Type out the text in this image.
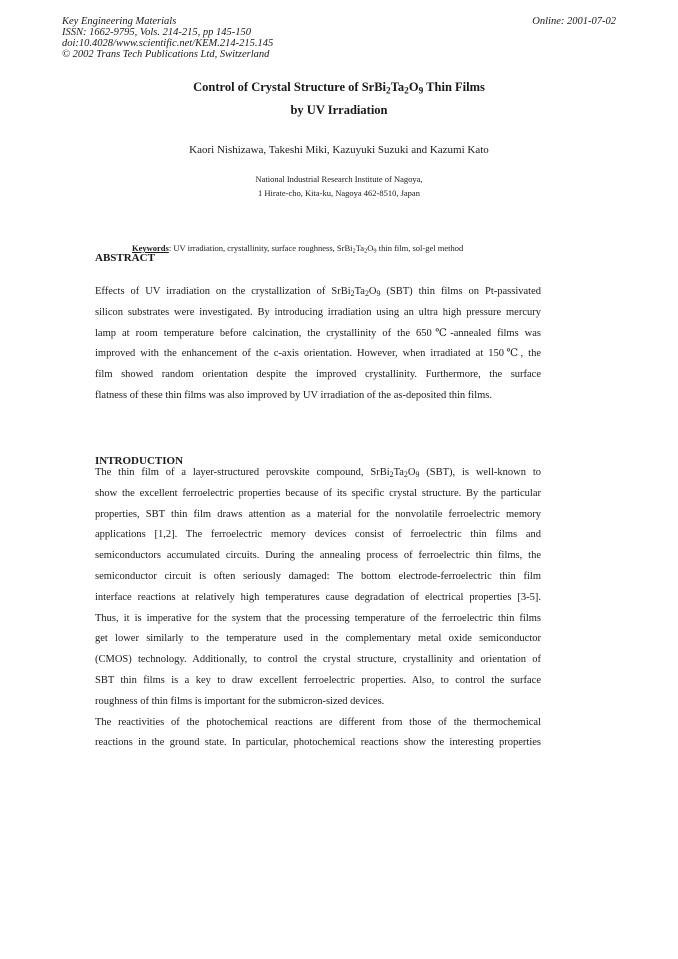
Key Engineering Materials
ISSN: 1662-9795, Vols. 214-215, pp 145-150
doi:10.4028/www.scientific.net/KEM.214-215.145
© 2002 Trans Tech Publications Ltd, Switzerland
Online: 2001-07-02
Control of Crystal Structure of $SrBi_2Ta_2O_9$ Thin Films
by UV Irradiation
Kaori Nishizawa, Takeshi Miki, Kazuyuki Suzuki and Kazumi Kato
National Industrial Research Institute of Nagoya,
1 Hirate-cho, Kita-ku, Nagoya 462-8510, Japan
Keywords: UV irradiation, crystallinity, surface roughness, $SrBi_2Ta_2O_9$ thin film, sol-gel method
ABSTRACT
Effects of UV irradiation on the crystallization of $SrBi_2Ta_2O_9$ (SBT) thin films on Pt-passivated
silicon substrates were investigated. By introducing irradiation using an ultra high pressure mercury
lamp at room temperature before calcination, the crystallinity of the 650℃-annealed films was
improved with the enhancement of the c-axis orientation. However, when irradiated at 150℃, the
film showed random orientation despite the improved crystallinity. Furthermore, the surface
flatness of these thin films was also improved by UV irradiation of the as-deposited thin films.
INTRODUCTION
The thin film of a layer-structured perovskite compound, $SrBi_2Ta_2O_9$ (SBT), is well-known to
show the excellent ferroelectric properties because of its specific crystal structure. By the particular
properties, SBT thin film draws attention as a material for the nonvolatile ferroelectric memory
applications [1,2]. The ferroelectric memory devices consist of ferroelectric thin films and
semiconductors accumulated circuits. During the annealing process of ferroelectric thin films, the
semiconductor circuit is often seriously damaged: The bottom electrode-ferroelectric thin film
interface reactions at relatively high temperatures cause degradation of electrical properties [3-5].
Thus, it is imperative for the system that the processing temperature of the ferroelectric thin films
get lower similarly to the temperature used in the complementary metal oxide semiconductor
(CMOS) technology. Additionally, to control the crystal structure, crystallinity and orientation of
SBT thin films is a key to draw excellent ferroelectric properties. Also, to control the surface
roughness of thin films is important for the submicron-sized devices.
The reactivities of the photochemical reactions are different from those of the thermochemical
reactions in the ground state. In particular, photochemical reactions show the interesting properties
